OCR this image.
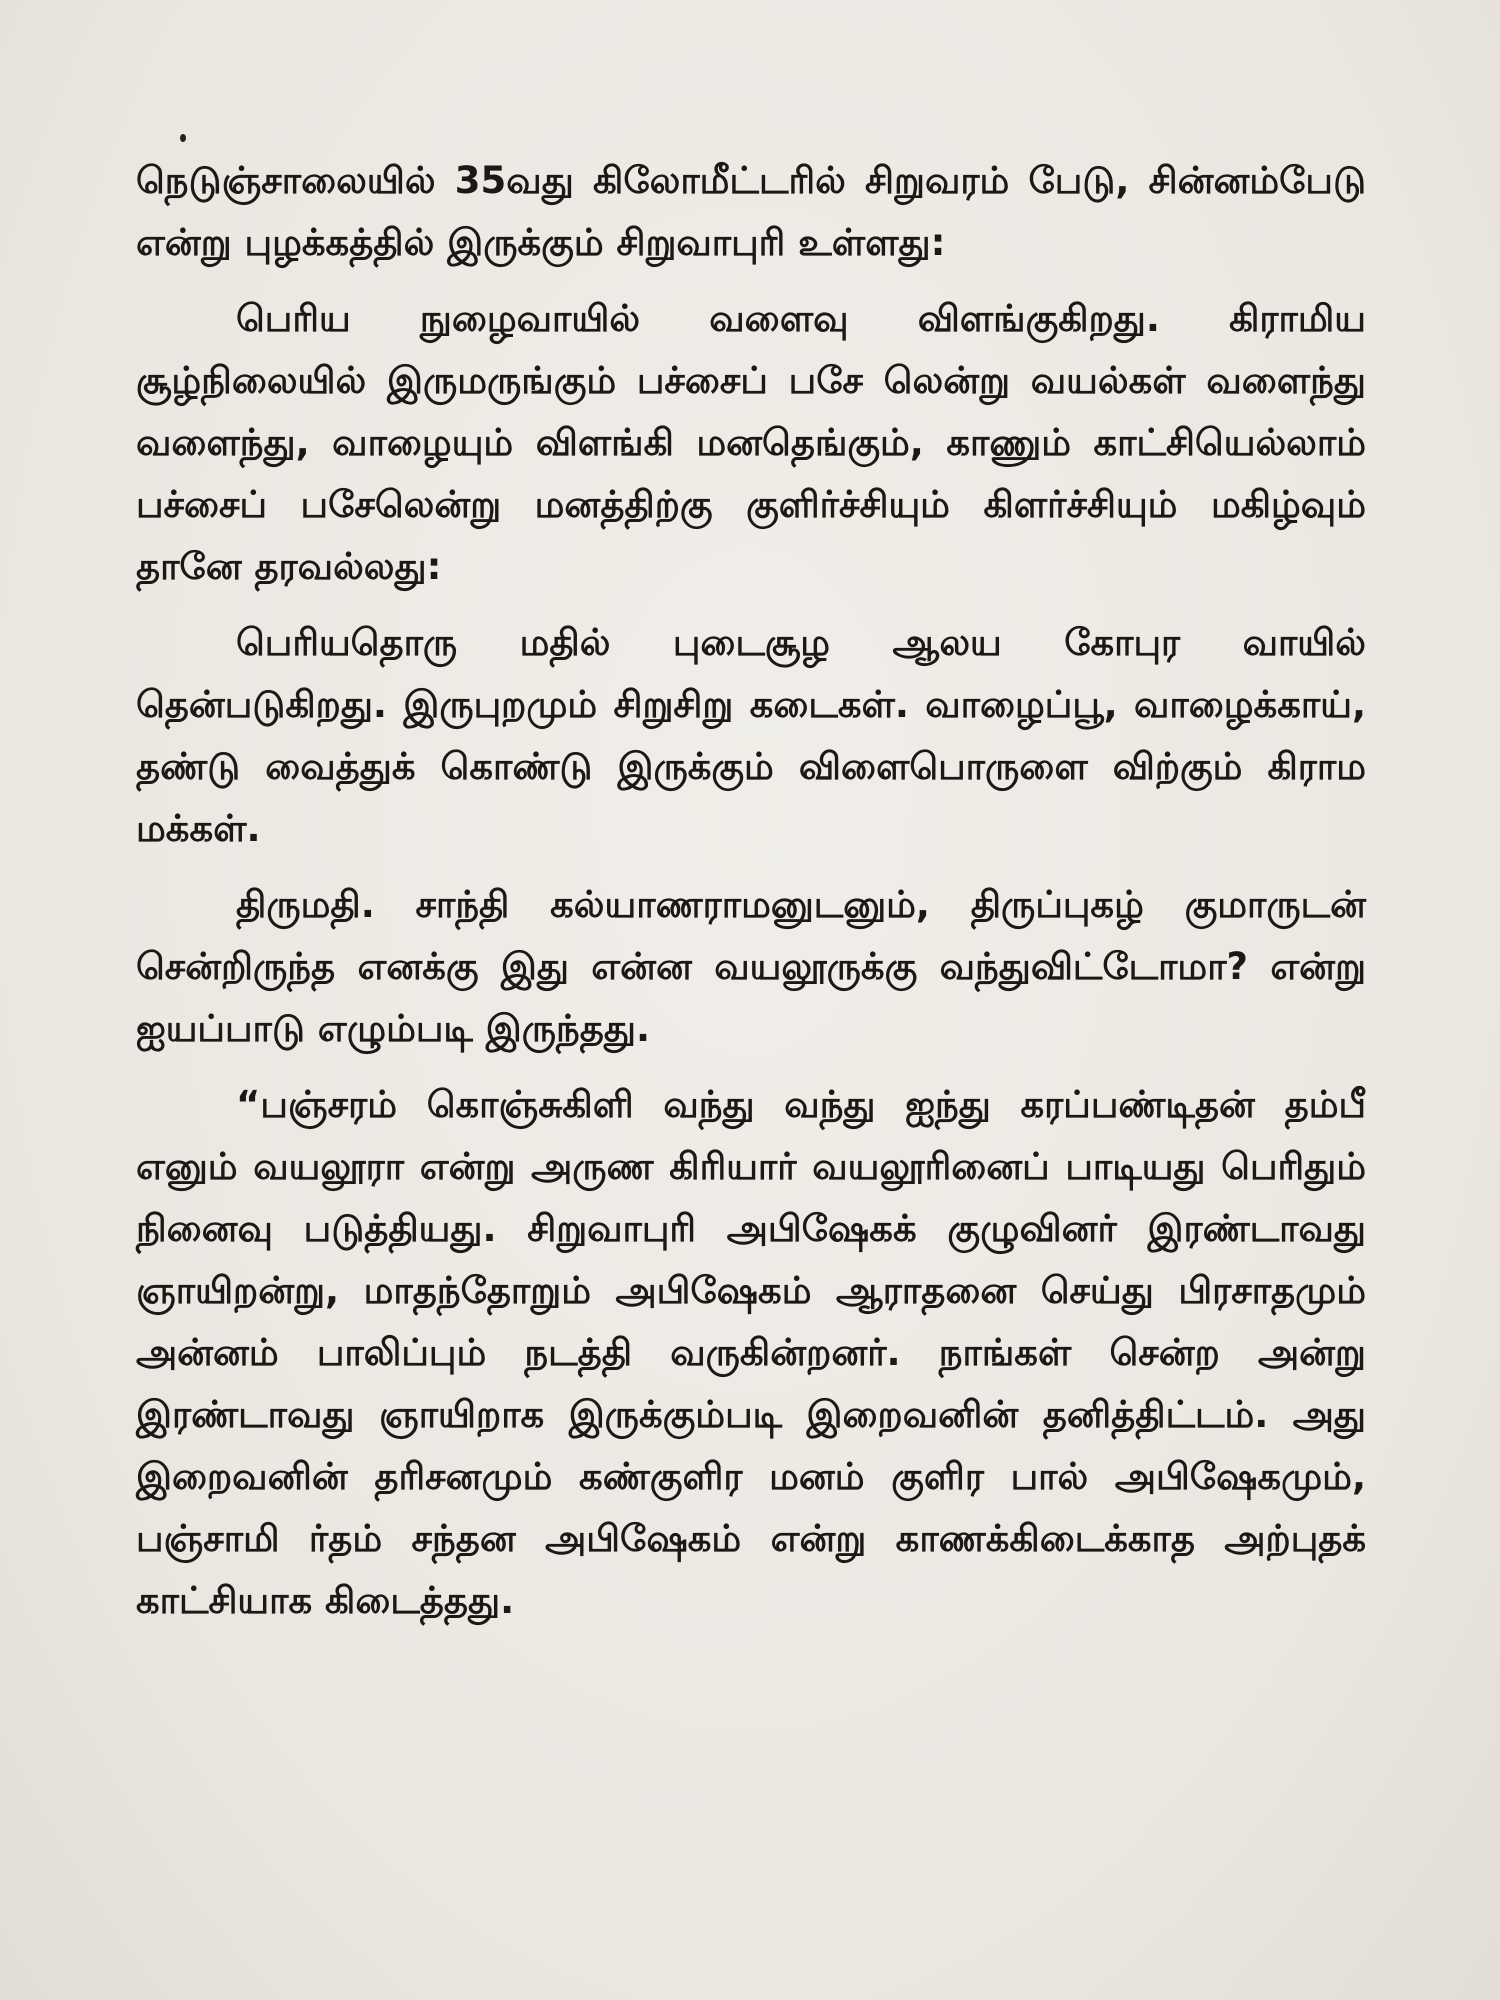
நெடுஞ்சாலையில் 35வது கிலோமீட்டரில் சிறுவரம் பேடு, சின்னம்பேடு என்று புழக்கத்தில் இருக்கும் சிறுவாபுரி உள்ளது:

பெரிய நுழைவாயில் வளைவு விளங்குகிறது. கிராமிய சூழ்நிலையில் இருமருங்கும் பச்சைப் பசே லென்று வயல்கள் வளைந்து வளைந்து, வாழையும் விளங்கி மனதெங்கும், காணும் காட்சியெல்லாம் பச்சைப் பசேலென்று மனத்திற்கு குளிர்ச்சியும் கிளர்ச்சியும் மகிழ்வும் தானே தரவல்லது:

பெரியதொரு மதில் புடைசூழ ஆலய கோபுர வாயில் தென்படுகிறது. இருபுறமும் சிறுசிறு கடைகள். வாழைப்பூ, வாழைக்காய், தண்டு வைத்துக் கொண்டு இருக்கும் விளைபொருளை விற்கும் கிராம மக்கள்.

திருமதி. சாந்தி கல்யாணராமனுடனும், திருப்புகழ் குமாருடன் சென்றிருந்த எனக்கு இது என்ன வயலூருக்கு வந்துவிட்டோமா? என்று ஐயப்பாடு எழும்படி இருந்தது.

“பஞ்சரம் கொஞ்சுகிளி வந்து வந்து ஐந்து கரப்பண்டிதன் தம்பீ எனும் வயலூரா என்று அருண கிரியார் வயலூரினைப் பாடியது பெரிதும் நினைவு படுத்தியது. சிறுவாபுரி அபிஷேகக் குழுவினர் இரண்டாவது ஞாயிறன்று, மாதந்தோறும் அபிஷேகம் ஆராதனை செய்து பிரசாதமும் அன்னம் பாலிப்பும் நடத்தி வருகின்றனர். நாங்கள் சென்ற அன்று இரண்டாவது ஞாயிறாக இருக்கும்படி இறைவனின் தனித்திட்டம். அது இறைவனின் தரிசனமும் கண்குளிர மனம் குளிர பால் அபிஷேகமும், பஞ்சாமி ர்தம் சந்தன அபிஷேகம் என்று காணக்கிடைக்காத அற்புதக் காட்சியாக கிடைத்தது.
